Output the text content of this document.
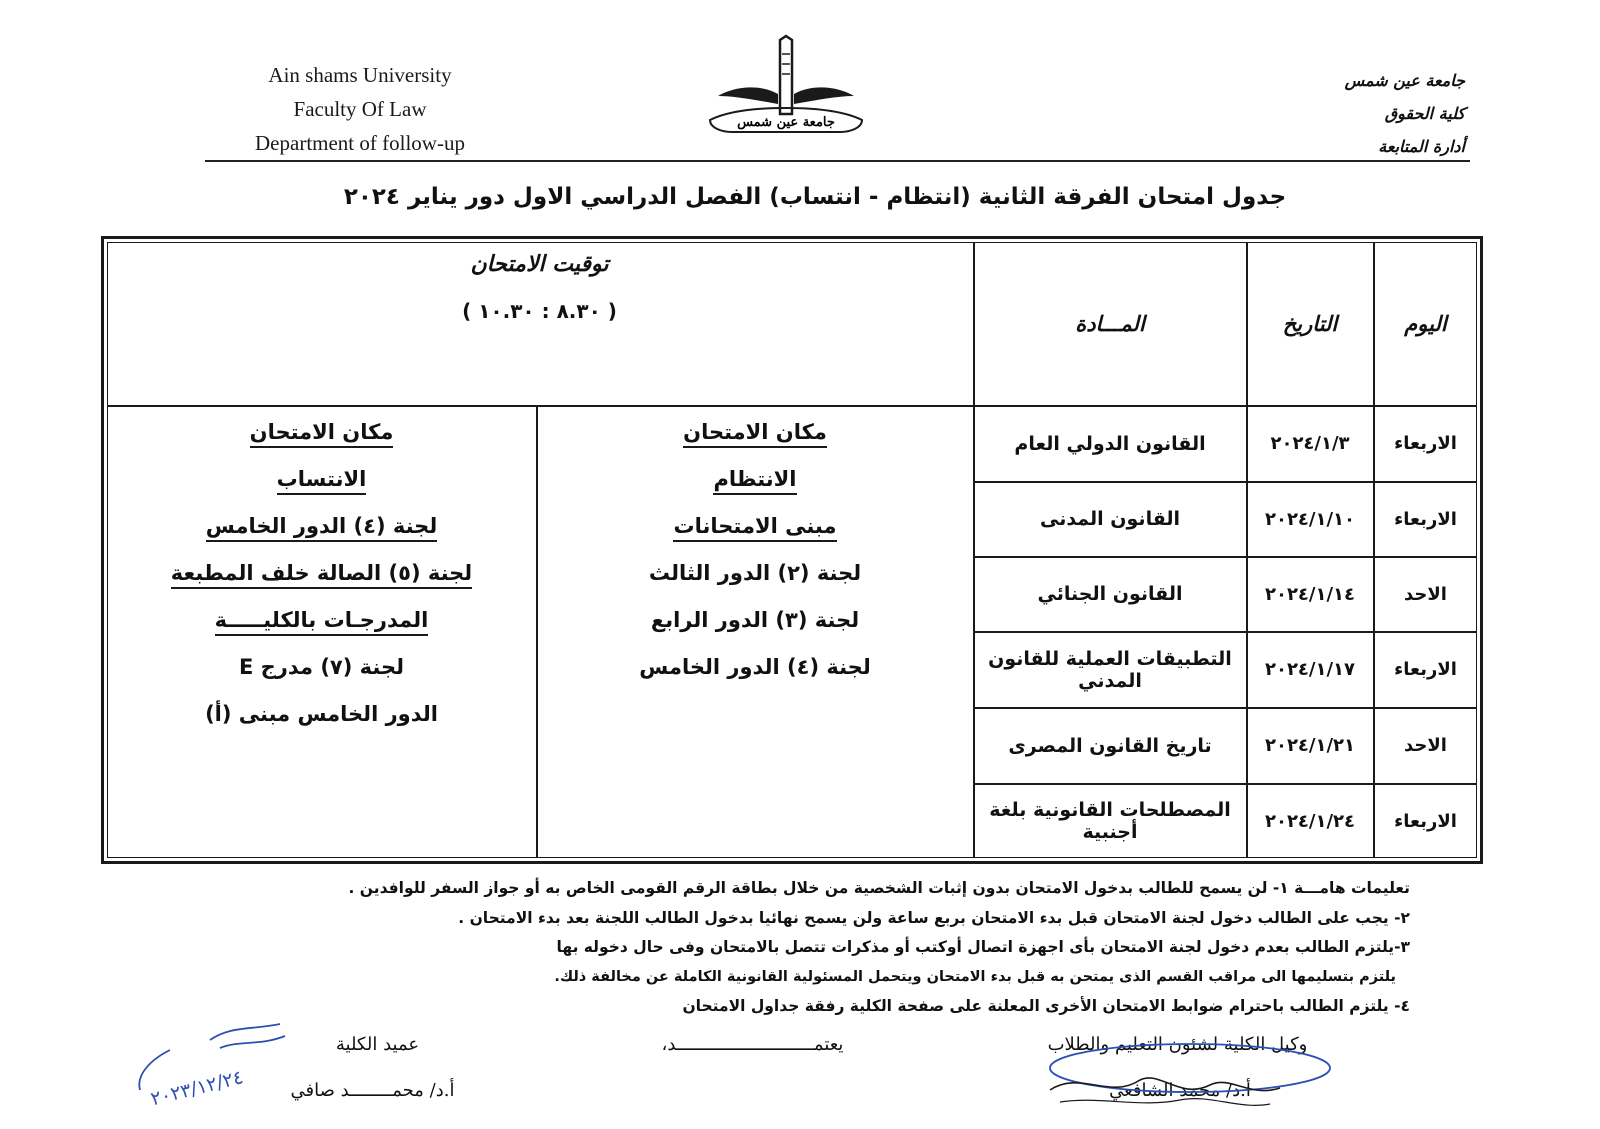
Ain shams University
Faculty Of Law
Department of follow-up
جامعة عين شمس
جامعة عين شمس
كلية الحقوق
أدارة المتابعة
جدول امتحان الفرقة الثانية (انتظام - انتساب) الفصل الدراسي الاول دور يناير ٢٠٢٤
اليوم
التاريخ
المـــادة
توقيت الامتحان
( ٨.٣٠ : ١٠.٣٠ )
الاربعاء
٢٠٢٤/١/٣
القانون الدولي العام
الاربعاء
٢٠٢٤/١/١٠
القانون المدنى
الاحد
٢٠٢٤/١/١٤
القانون الجنائي
الاربعاء
٢٠٢٤/١/١٧
التطبيقات العملية للقانون المدني
الاحد
٢٠٢٤/١/٢١
تاريخ القانون المصرى
الاربعاء
٢٠٢٤/١/٢٤
المصطلحات القانونية بلغة أجنبية
مكان الامتحان
الانتظام
مبنى الامتحانات
لجنة (٢) الدور الثالث
لجنة (٣) الدور الرابع
لجنة (٤) الدور الخامس
مكان الامتحان
الانتساب
لجنة (٤) الدور الخامس
لجنة (٥) الصالة خلف المطبعة
المدرجـات بالكليـــــة
لجنة (٧) مدرج E
الدور الخامس مبنى (أ)
تعليمات هامـــة ١- لن يسمح للطالب بدخول الامتحان بدون إثبات الشخصية من خلال بطاقة الرقم القومى الخاص به أو جواز السفر للوافدين .
٢- يجب على الطالب دخول لجنة الامتحان قبل بدء الامتحان بربع ساعة ولن يسمح نهائيا بدخول الطالب اللجنة بعد بدء الامتحان .
٣-يلتزم الطالب بعدم دخول لجنة الامتحان بأى اجهزة اتصال أوكتب أو مذكرات تتصل بالامتحان وفى حال دخوله بها
يلتزم بتسليمها الى مراقب القسم الذى يمتحن به قبل بدء الامتحان ويتحمل المسئولية القانونية الكاملة عن مخالفة ذلك.
٤- يلتزم الطالب باحترام ضوابط الامتحان الأخرى المعلنة على صفحة الكلية رفقة جداول الامتحان
وكيل الكلية لشئون التعليم والطلاب
أ.د/ محمد الشافعي
يعتمــــــــــــــــــــــــــد،
عميد الكلية
أ.د/ محمــــــــد صافي
٢٠٢٣/١٢/٢٤
